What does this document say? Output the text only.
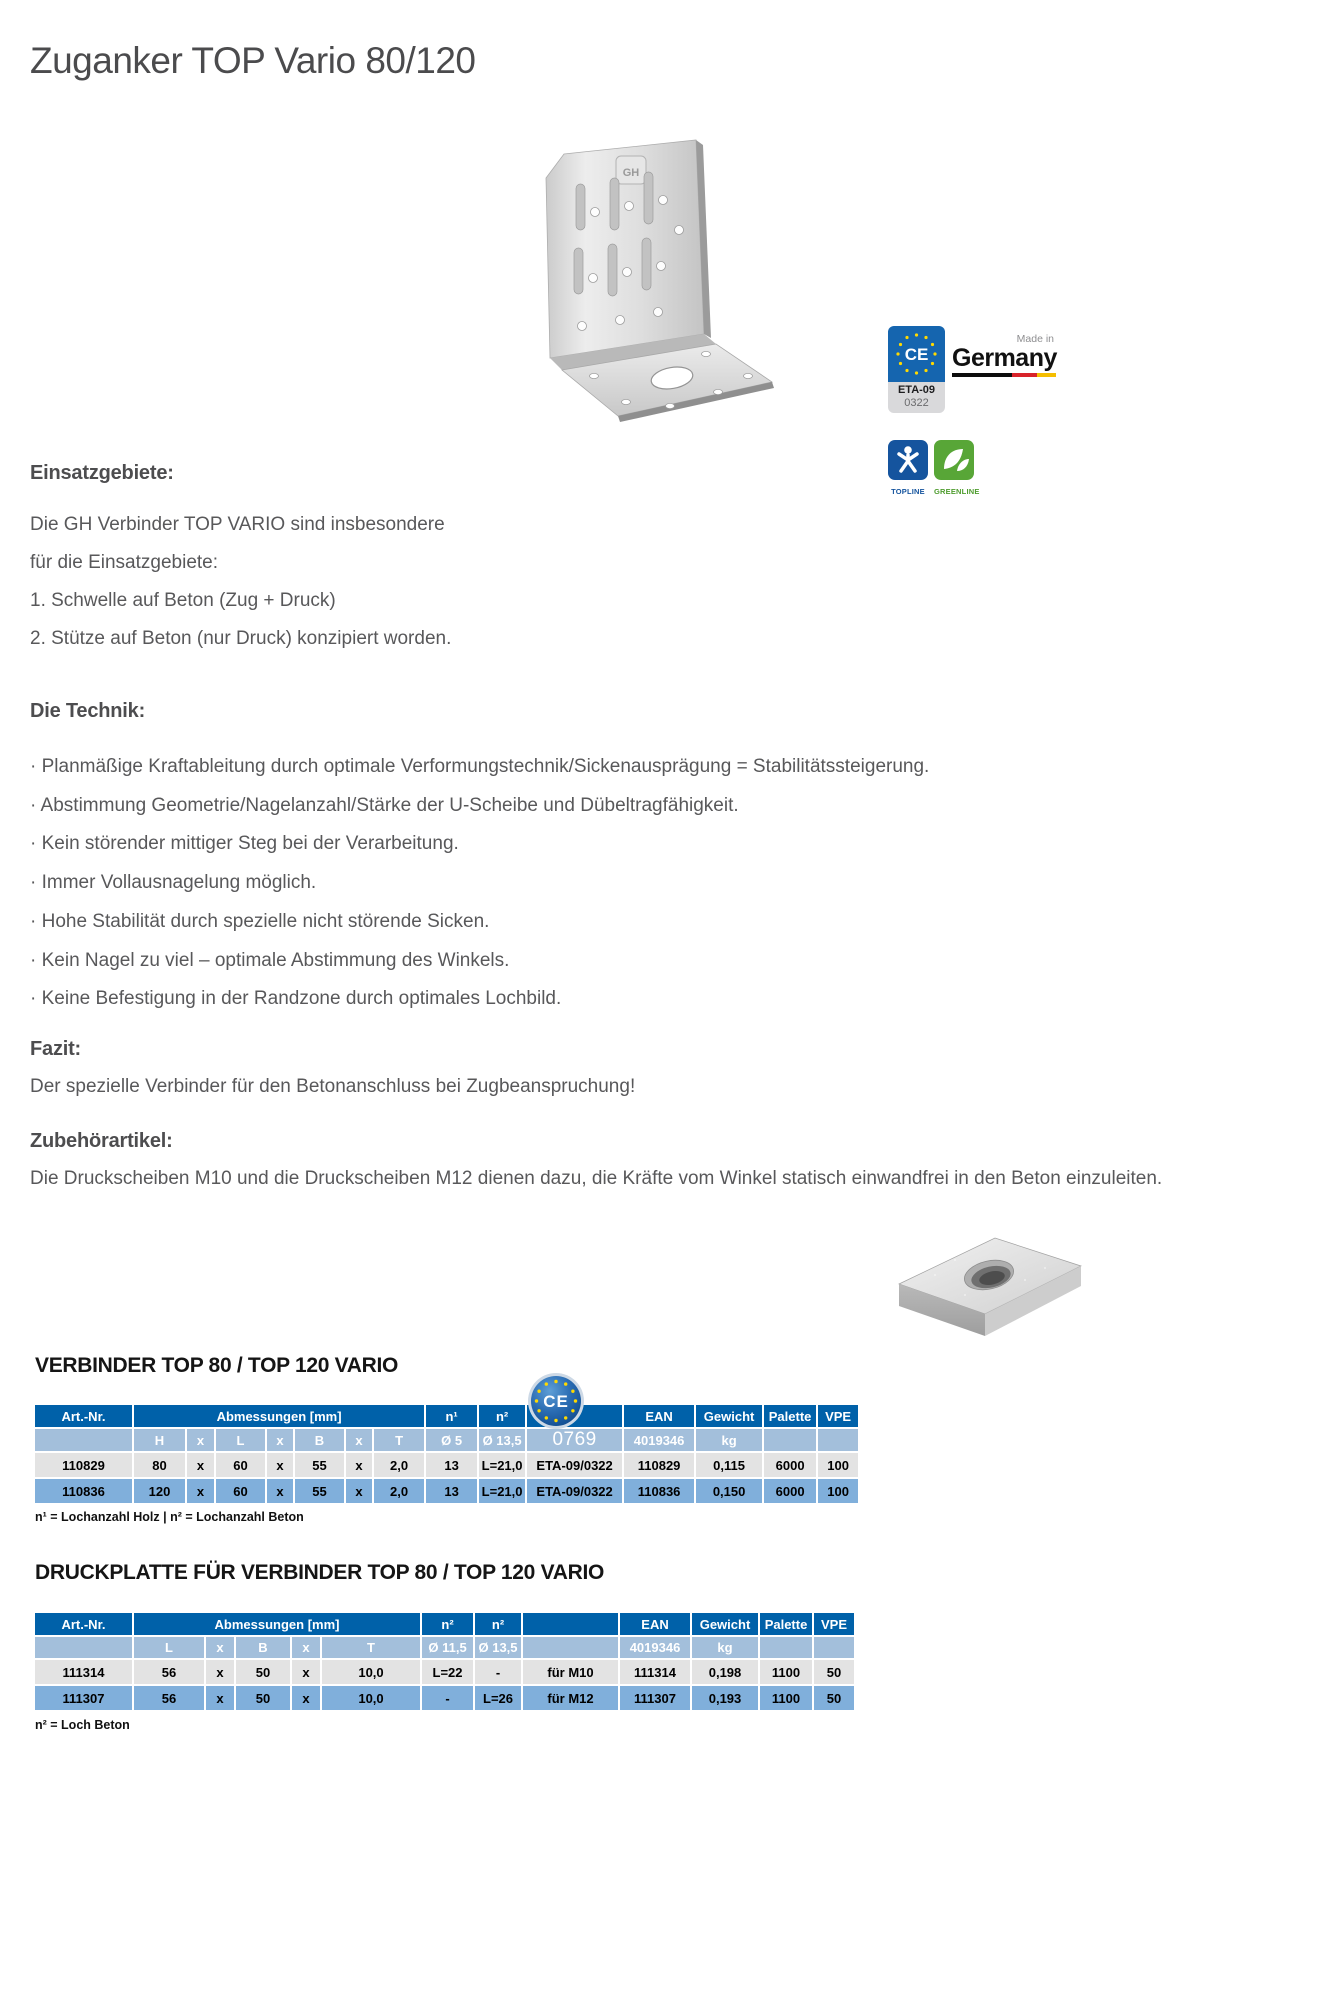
Zuganker TOP Vario 80/120
GH
CE
ETA-09
0322
Made in
Germany
TOPLINE	GREENLINE
Einsatzgebiete:
Die GH Verbinder TOP VARIO sind insbesondere
für die Einsatzgebiete:
1. Schwelle auf Beton (Zug + Druck)
2. Stütze auf Beton (nur Druck) konzipiert worden.
Die Technik:
· Planmäßige Kraftableitung durch optimale Verformungstechnik/Sickenausprägung = Stabilitätssteigerung.
· Abstimmung Geometrie/Nagelanzahl/Stärke der U-Scheibe und Dübeltragfähigkeit.
· Kein störender mittiger Steg bei der Verarbeitung.
· Immer Vollausnagelung möglich.
· Hohe Stabilität durch spezielle nicht störende Sicken.
· Kein Nagel zu viel – optimale Abstimmung des Winkels.
· Keine Befestigung in der Randzone durch optimales Lochbild.
Fazit:
Der spezielle Verbinder für den Betonanschluss bei Zugbeanspruchung!
Zubehörartikel:
Die Druckscheiben M10 und die Druckscheiben M12 dienen dazu, die Kräfte vom Winkel statisch einwandfrei in den Beton einzuleiten.
VERBINDER TOP 80 / TOP 120 VARIO
CE
Art.-Nr.	Abmessungen [mm]							n¹	n²		EAN	Gewicht	Palette	VPE
	H	x	L	x	B	x	T	Ø 5	Ø 13,5	0769	4019346	kg		
110829	80	x	60	x	55	x	2,0	13	L=21,0	ETA-09/0322	110829	0,115	6000	100
110836	120	x	60	x	55	x	2,0	13	L=21,0	ETA-09/0322	110836	0,150	6000	100
n¹ = Lochanzahl Holz | n² = Lochanzahl Beton
DRUCKPLATTE FÜR VERBINDER TOP 80 / TOP 120 VARIO
Art.-Nr.	Abmessungen [mm]					n²	n²		EAN	Gewicht	Palette	VPE
	L	x	B	x	T	Ø 11,5	Ø 13,5		4019346	kg		
111314	56	x	50	x	10,0	L=22	-	für M10	111314	0,198	1100	50
111307	56	x	50	x	10,0	-	L=26	für M12	111307	0,193	1100	50
n² = Loch Beton
